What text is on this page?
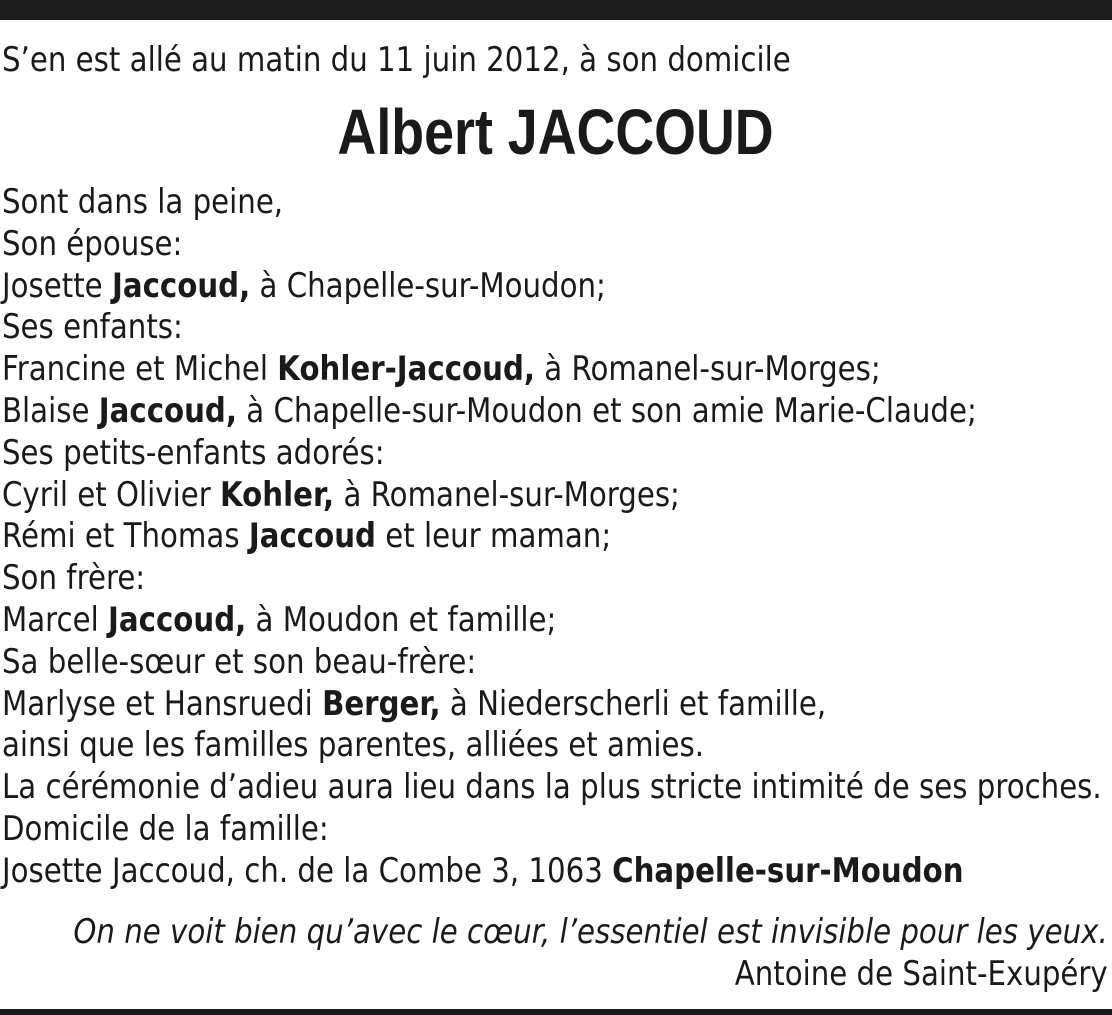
S’en est allé au matin du 11 juin 2012, à son domicile
Albert JACCOUD
Sont dans la peine,
Son épouse:
Josette Jaccoud, à Chapelle-sur-Moudon;
Ses enfants:
Francine et Michel Kohler-Jaccoud, à Romanel-sur-Morges;
Blaise Jaccoud, à Chapelle-sur-Moudon et son amie Marie-Claude;
Ses petits-enfants adorés:
Cyril et Olivier Kohler, à Romanel-sur-Morges;
Rémi et Thomas Jaccoud et leur maman;
Son frère:
Marcel Jaccoud, à Moudon et famille;
Sa belle-sœur et son beau-frère:
Marlyse et Hansruedi Berger, à Niederscherli et famille,
ainsi que les familles parentes, alliées et amies.
La cérémonie d’adieu aura lieu dans la plus stricte intimité de ses proches.
Domicile de la famille:
Josette Jaccoud, ch. de la Combe 3, 1063 Chapelle-sur-Moudon
On ne voit bien qu’avec le cœur, l’essentiel est invisible pour les yeux.
Antoine de Saint-Exupéry
